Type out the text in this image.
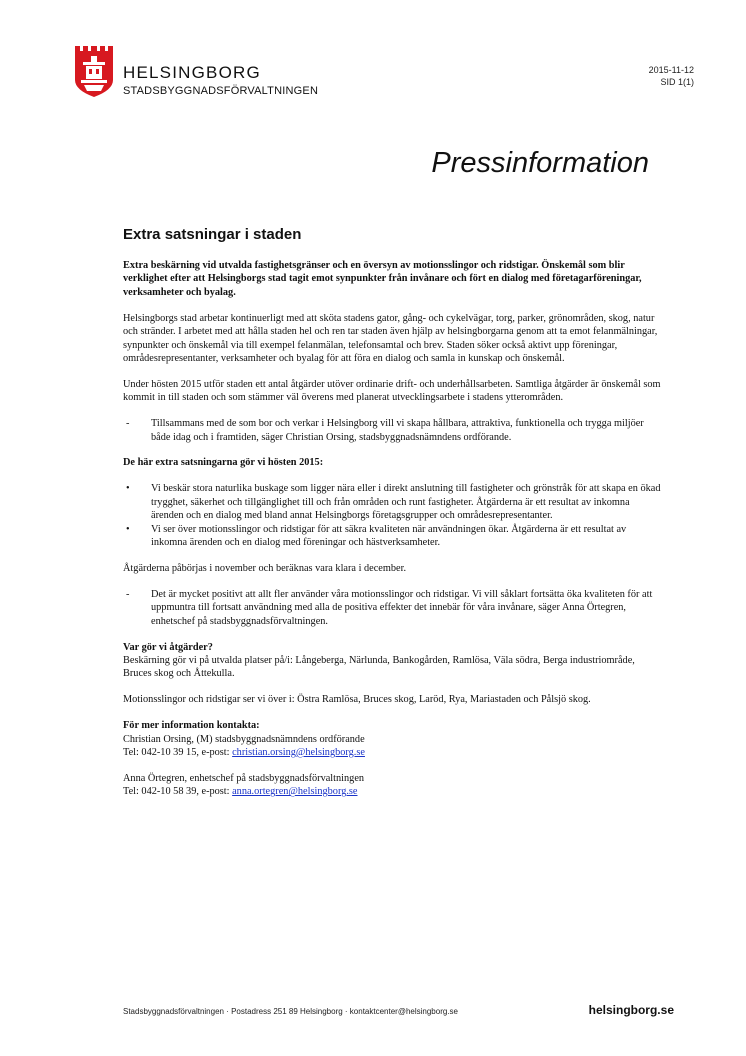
HELSINGBORG
STADSBYGGNADSFÖRVALTNINGEN
2015-11-12
SID 1(1)
Pressinformation
Extra satsningar i staden

Extra beskärning vid utvalda fastighetsgränser och en översyn av motionsslingor och ridstigar. Önskemål som blir verklighet efter att Helsingborgs stad tagit emot synpunkter från invånare och fört en dialog med företagarföreningar, verksamheter och byalag.

Helsingborgs stad arbetar kontinuerligt med att sköta stadens gator, gång- och cykelvägar, torg, parker, grönområden, skog, natur och stränder. I arbetet med att hålla staden hel och ren tar staden även hjälp av helsingborgarna genom att ta emot felanmälningar, synpunkter och önskemål via till exempel felanmälan, telefonsamtal och brev. Staden söker också aktivt upp föreningar, områdesrepresentanter, verksamheter och byalag för att föra en dialog och samla in kunskap och önskemål.

Under hösten 2015 utför staden ett antal åtgärder utöver ordinarie drift- och underhållsarbeten. Samtliga åtgärder är önskemål som kommit in till staden och som stämmer väl överens med planerat utvecklingsarbete i stadens ytterområden.

- Tillsammans med de som bor och verkar i Helsingborg vill vi skapa hållbara, attraktiva, funktionella och trygga miljöer både idag och i framtiden, säger Christian Orsing, stadsbyggnadsnämndens ordförande.

De här extra satsningarna gör vi hösten 2015:

• Vi beskär stora naturlika buskage som ligger nära eller i direkt anslutning till fastigheter och grönstråk för att skapa en ökad trygghet, säkerhet och tillgänglighet till och från områden och runt fastigheter. Åtgärderna är ett resultat av inkomna ärenden och en dialog med bland annat Helsingborgs företagsgrupper och områdesrepresentanter.
• Vi ser över motionsslingor och ridstigar för att säkra kvaliteten när användningen ökar. Åtgärderna är ett resultat av inkomna ärenden och en dialog med föreningar och hästverksamheter.

Åtgärderna påbörjas i november och beräknas vara klara i december.

- Det är mycket positivt att allt fler använder våra motionsslingor och ridstigar. Vi vill såklart fortsätta öka kvaliteten för att uppmuntra till fortsatt användning med alla de positiva effekter det innebär för våra invånare, säger Anna Örtegren, enhetschef på stadsbyggnadsförvaltningen.

Var gör vi åtgärder?

Beskärning gör vi på utvalda platser på/i: Långeberga, Närlunda, Bankogården, Ramlösa, Väla södra, Berga industriområde, Bruces skog och Åttekulla.

Motionsslingor och ridstigar ser vi över i: Östra Ramlösa, Bruces skog, Laröd, Rya, Mariastaden och Pålsjö skog.

För mer information kontakta:

Christian Orsing, (M) stadsbyggnadsnämndens ordförande

Tel: 042-10 39 15, e-post: christian.orsing@helsingborg.se

Anna Örtegren, enhetschef på stadsbyggnadsförvaltningen

Tel: 042-10 58 39, e-post: anna.ortegren@helsingborg.se

Stadsbyggnadsförvaltningen · Postadress 251 89 Helsingborg · kontaktcenter@helsingborg.se	helsingborg.se
